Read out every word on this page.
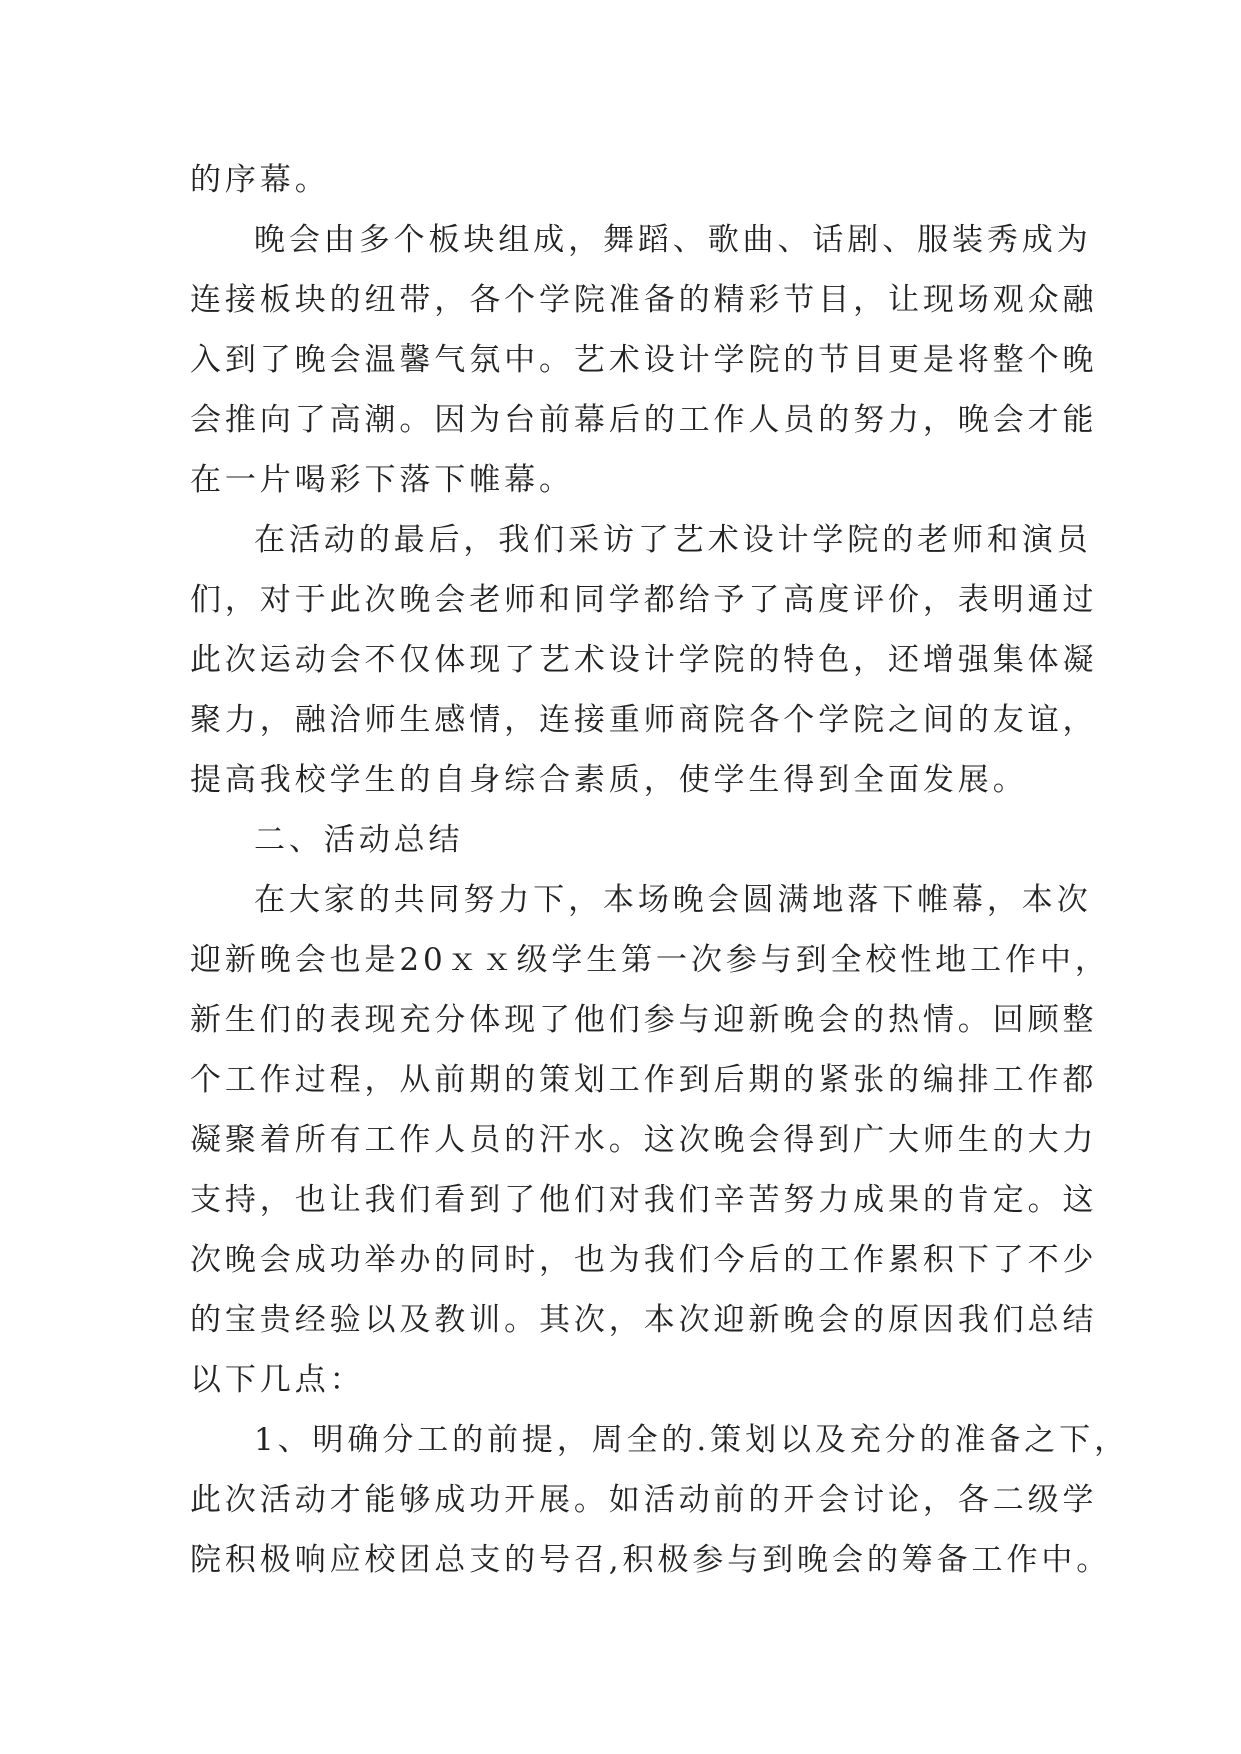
的序幕。
晚会由多个板块组成，舞蹈、歌曲、话剧、服装秀成为
连接板块的纽带，各个学院准备的精彩节目，让现场观众融
入到了晚会温馨气氛中。艺术设计学院的节目更是将整个晚
会推向了高潮。因为台前幕后的工作人员的努力，晚会才能
在一片喝彩下落下帷幕。
在活动的最后，我们采访了艺术设计学院的老师和演员
们，对于此次晚会老师和同学都给予了高度评价，表明通过
此次运动会不仅体现了艺术设计学院的特色，还增强集体凝
聚力，融洽师生感情，连接重师商院各个学院之间的友谊，
提高我校学生的自身综合素质，使学生得到全面发展。
二、活动总结
在大家的共同努力下，本场晚会圆满地落下帷幕，本次
迎新晚会也是20ｘｘ级学生第一次参与到全校性地工作中，
新生们的表现充分体现了他们参与迎新晚会的热情。回顾整
个工作过程，从前期的策划工作到后期的紧张的编排工作都
凝聚着所有工作人员的汗水。这次晚会得到广大师生的大力
支持，也让我们看到了他们对我们辛苦努力成果的肯定。这
次晚会成功举办的同时，也为我们今后的工作累积下了不少
的宝贵经验以及教训。其次，本次迎新晚会的原因我们总结
以下几点：
1、明确分工的前提，周全的.策划以及充分的准备之下，
此次活动才能够成功开展。如活动前的开会讨论，各二级学
院积极响应校团总支的号召,积极参与到晚会的筹备工作中。
